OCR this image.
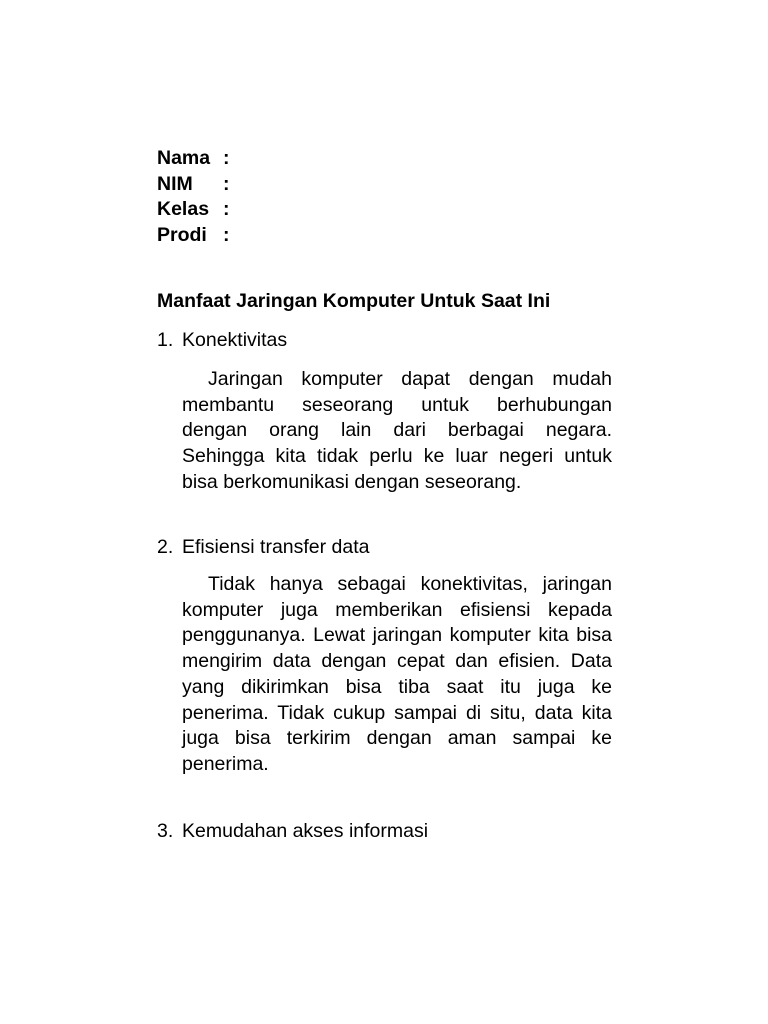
Nama :
NIM	:
Kelas :
Prodi :
Manfaat Jaringan Komputer Untuk Saat Ini
1. Konektivitas
Jaringan komputer dapat dengan mudah membantu seseorang untuk berhubungan dengan orang lain dari berbagai negara. Sehingga kita tidak perlu ke luar negeri untuk bisa berkomunikasi dengan seseorang.
2. Efisiensi transfer data
Tidak hanya sebagai konektivitas, jaringan komputer juga memberikan efisiensi kepada penggunanya. Lewat jaringan komputer kita bisa mengirim data dengan cepat dan efisien. Data yang dikirimkan bisa tiba saat itu juga ke penerima. Tidak cukup sampai di situ, data kita juga bisa terkirim dengan aman sampai ke penerima.
3. Kemudahan akses informasi
